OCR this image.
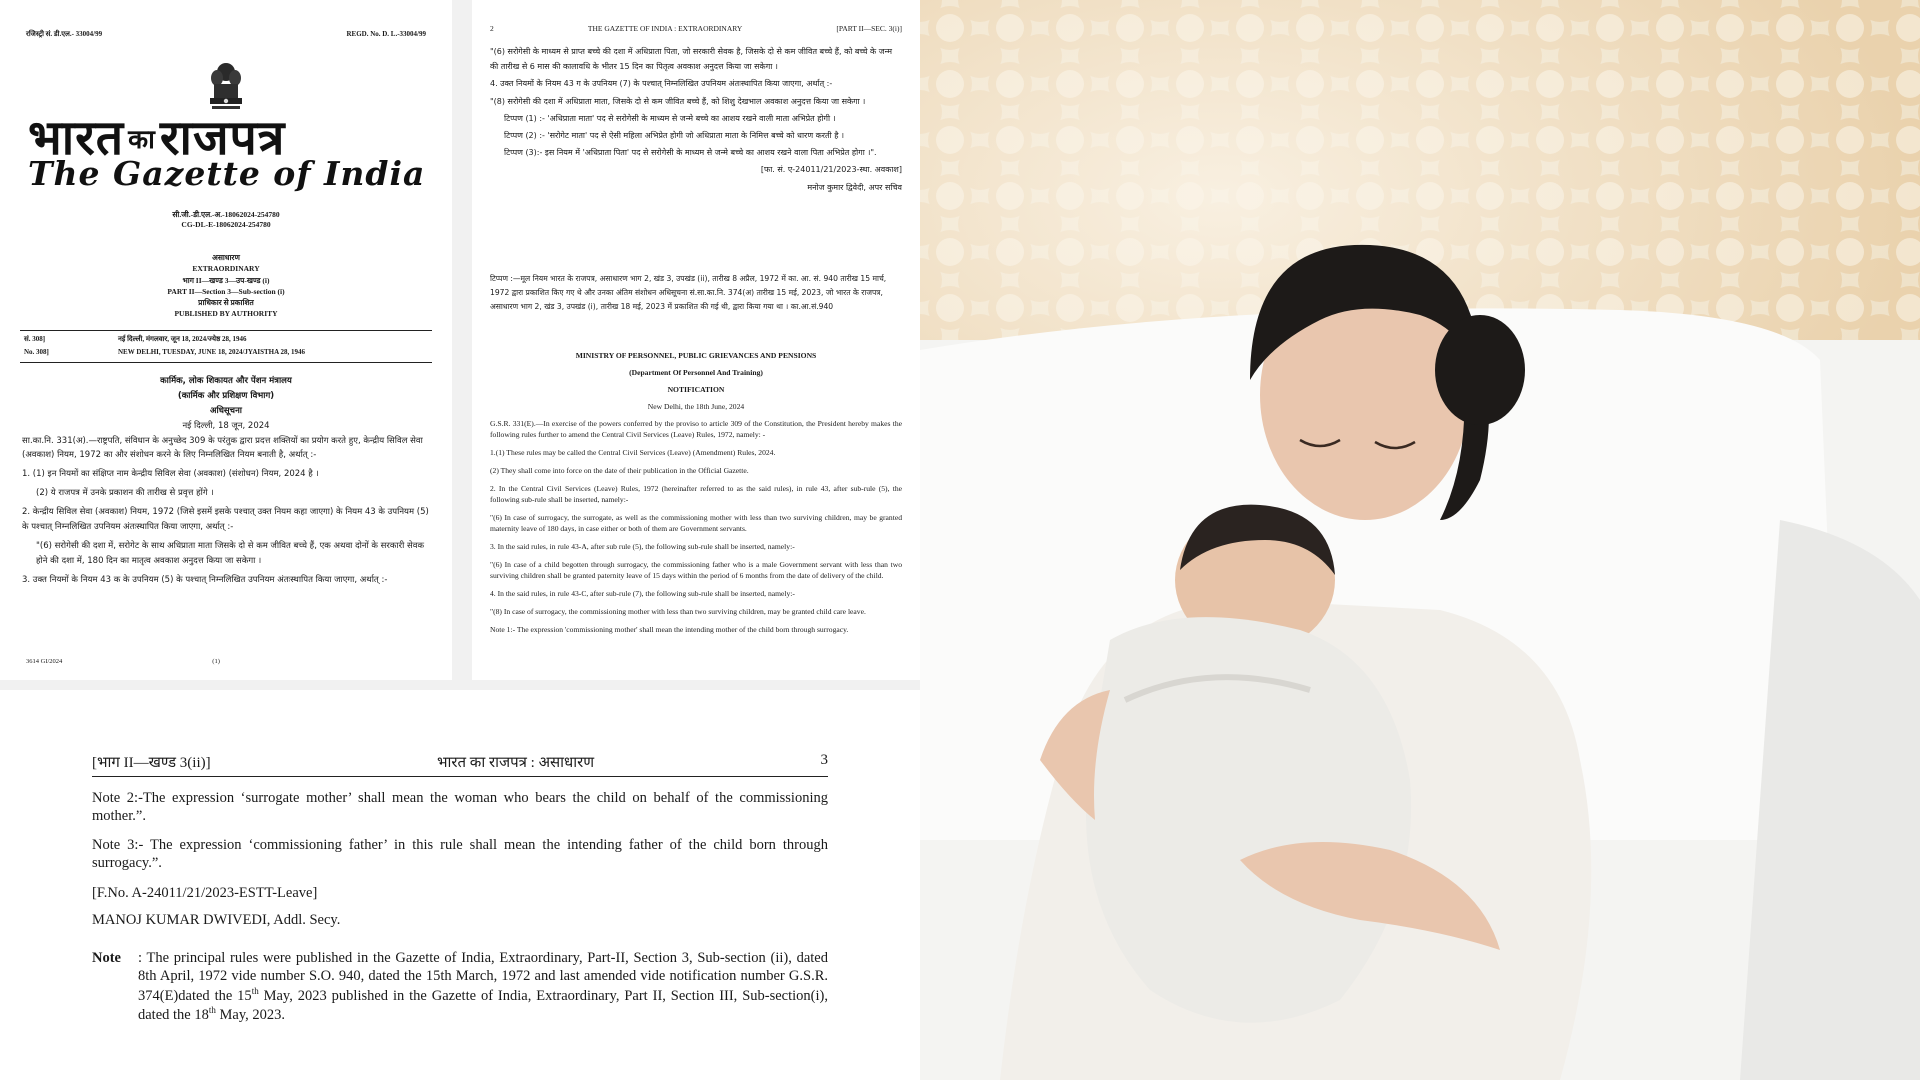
रजिस्ट्री सं. डी.एल.- 33004/99	REGD. No. D. L.-33004/99
भारत काराजपत्र
The Gazette of India
सी.जी.-डी.एल.-अ.-18062024-254780
CG-DL-E-18062024-254780
असाधारण
EXTRAORDINARY
भाग II—खण्ड 3—उप-खण्ड (i)
PART II—Section 3—Sub-section (i)
प्राधिकार से प्रकाशित
PUBLISHED BY AUTHORITY
सं. 308]	नई दिल्ली, मंगलवार, जून 18, 2024/ज्येष्ठ 28, 1946
No. 308]	NEW DELHI, TUESDAY, JUNE 18, 2024/JYAISTHA 28, 1946
कार्मिक, लोक शिकायत और पेंशन मंत्रालय
(कार्मिक और प्रशिक्षण विभाग)
अधिसूचना
नई दिल्ली, 18 जून, 2024

सा.का.नि. 331(अ).—राष्ट्रपति, संविधान के अनुच्छेद 309 के परंतुक द्वारा प्रदत्त शक्तियों का प्रयोग करते हुए, केन्द्रीय सिविल सेवा (अवकाश) नियम, 1972 का और संशोधन करने के लिए निम्नलिखित नियम बनाती है, अर्थात् :-

1. (1) इन नियमों का संक्षिप्त नाम केन्द्रीय सिविल सेवा (अवकाश) (संशोधन) नियम, 2024 है ।

(2) ये राजपत्र में उनके प्रकाशन की तारीख से प्रवृत्त होंगे ।

2. केन्द्रीय सिविल सेवा (अवकाश) नियम, 1972 (जिसे इसमें इसके पश्चात् उक्त नियम कहा जाएगा) के नियम 43 के उपनियम (5) के पश्चात् निम्नलिखित उपनियम अंतःस्थापित किया जाएगा, अर्थात् :-

"(6) सरोगेसी की दशा में, सरोगेट के साथ अधिप्राता माता जिसके दो से कम जीवित बच्चे हैं, एक अथवा दोनों के सरकारी सेवक होने की दशा में, 180 दिन का मातृत्व अवकाश अनुदत्त किया जा सकेगा ।

3. उक्त नियमों के नियम 43 क के उपनियम (5) के पश्चात् निम्नलिखित उपनियम अंतःस्थापित किया जाएगा, अर्थात् :-

3614 GI/2024	(1)
2	THE GAZETTE OF INDIA : EXTRAORDINARY	[PART II—SEC. 3(i)]

"(6) सरोगेसी के माध्यम से प्राप्त बच्चे की दशा में अधिप्राता पिता, जो सरकारी सेवक है, जिसके दो से कम जीवित बच्चे हैं, को बच्चे के जन्म की तारीख से 6 मास की कालावधि के भीतर 15 दिन का पितृत्व अवकाश अनुदत्त किया जा सकेगा ।

4. उक्त नियमों के नियम 43 ग के उपनियम (7) के पश्चात् निम्नलिखित उपनियम अंतःस्थापित किया जाएगा, अर्थात् :-

"(8) सरोगेसी की दशा में अधिप्राता माता, जिसके दो से कम जीवित बच्चे हैं, को शिशु देखभाल अवकाश अनुदत्त किया जा सकेगा ।

टिप्पण (1) :- 'अधिप्राता माता' पद से सरोगेसी के माध्यम से जन्मे बच्चे का आशय रखने वाली माता अभिप्रेत होगी ।

टिप्पण (2) :- 'सरोगेट माता' पद से ऐसी महिला अभिप्रेत होगी जो अधिप्राता माता के निमित्त बच्चे को धारण करती है ।

टिप्पण (3):- इस नियम में 'अधिप्राता पिता' पद से सरोगेसी के माध्यम से जन्मे बच्चे का आशय रखने वाला पिता अभिप्रेत होगा ।".

[फा. सं. ए-24011/21/2023-स्था. अवकाश]

मनोज कुमार द्विवेदी, अपर सचिव

टिप्पण :—मूल नियम भारत के राजपत्र, असाधारण भाग 2, खंड 3, उपखंड (ii), तारीख 8 अप्रैल, 1972 में का. आ. सं. 940 तारीख 15 मार्च, 1972 द्वारा प्रकाशित किए गए थे और उनका अंतिम संशोधन अधिसूचना सं.सा.का.नि. 374(अ) तारीख 15 मई, 2023, जो भारत के राजपत्र, असाधारण भाग 2, खंड 3, उपखंड (i), तारीख 18 मई, 2023 में प्रकाशित की गई थी, द्वारा किया गया था । का.आ.सं.940
MINISTRY OF PERSONNEL, PUBLIC GRIEVANCES AND PENSIONS
(Department Of Personnel And Training)
NOTIFICATION
New Delhi, the 18th June, 2024

G.S.R. 331(E).—In exercise of the powers conferred by the proviso to article 309 of the Constitution, the President hereby makes the following rules further to amend the Central Civil Services (Leave) Rules, 1972, namely: -

1.(1) These rules may be called the Central Civil Services (Leave) (Amendment) Rules, 2024.

(2) They shall come into force on the date of their publication in the Official Gazette.

2. In the Central Civil Services (Leave) Rules, 1972 (hereinafter referred to as the said rules), in rule 43, after sub-rule (5), the following sub-rule shall be inserted, namely:-

"(6) In case of surrogacy, the surrogate, as well as the commissioning mother with less than two surviving children, may be granted maternity leave of 180 days, in case either or both of them are Government servants.

3. In the said rules, in rule 43-A, after sub rule (5), the following sub-rule shall be inserted, namely:-

"(6) In case of a child begotten through surrogacy, the commissioning father who is a male Government servant with less than two surviving children shall be granted paternity leave of 15 days within the period of 6 months from the date of delivery of the child.

4. In the said rules, in rule 43-C, after sub-rule (7), the following sub-rule shall be inserted, namely:-

"(8) In case of surrogacy, the commissioning mother with less than two surviving children, may be granted child care leave.

Note 1:- The expression 'commissioning mother' shall mean the intending mother of the child born through surrogacy.

[भाग II—खण्ड 3(ii)]	भारत का राजपत्र : असाधारण	3

Note 2:-The expression ‘surrogate mother’ shall mean the woman who bears the child on behalf of the commissioning mother.”.

Note 3:- The expression ‘commissioning father’ in this rule shall mean the intending father of the child born through surrogacy.”.

[F.No. A-24011/21/2023-ESTT-Leave]

MANOJ KUMAR DWIVEDI, Addl. Secy.

Note	: The principal rules were published in the Gazette of India, Extraordinary, Part-II, Section 3, Sub-section (ii), dated 8th April, 1972 vide number S.O. 940, dated the 15th March, 1972 and last amended vide notification number G.S.R. 374(E)dated the 15th May, 2023 published in the Gazette of India, Extraordinary, Part II, Section III, Sub-section(i), dated the 18th May, 2023.
